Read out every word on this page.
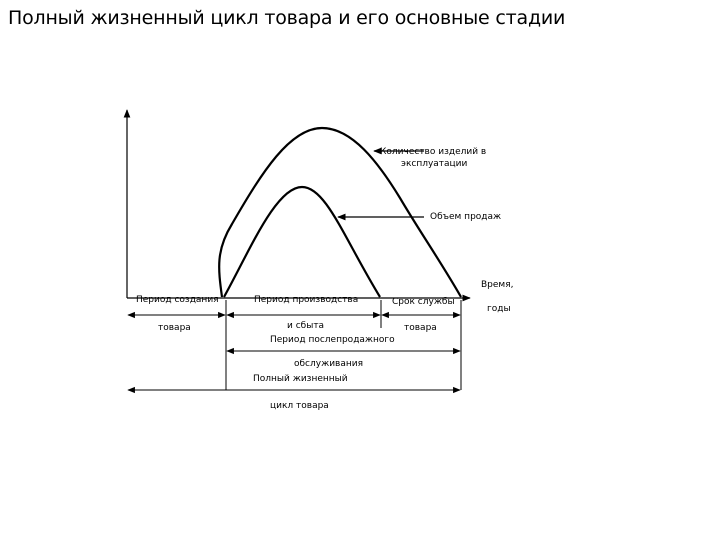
Полный жизненный цикл товара и его основные стадии
Количество изделий в
эксплуатации
Объем продаж
Время,
годы
Период создания
товара
Период производства
и сбыта
Срок службы
товара
Период послепродажного
обслуживания
Полный жизненный
цикл товара
